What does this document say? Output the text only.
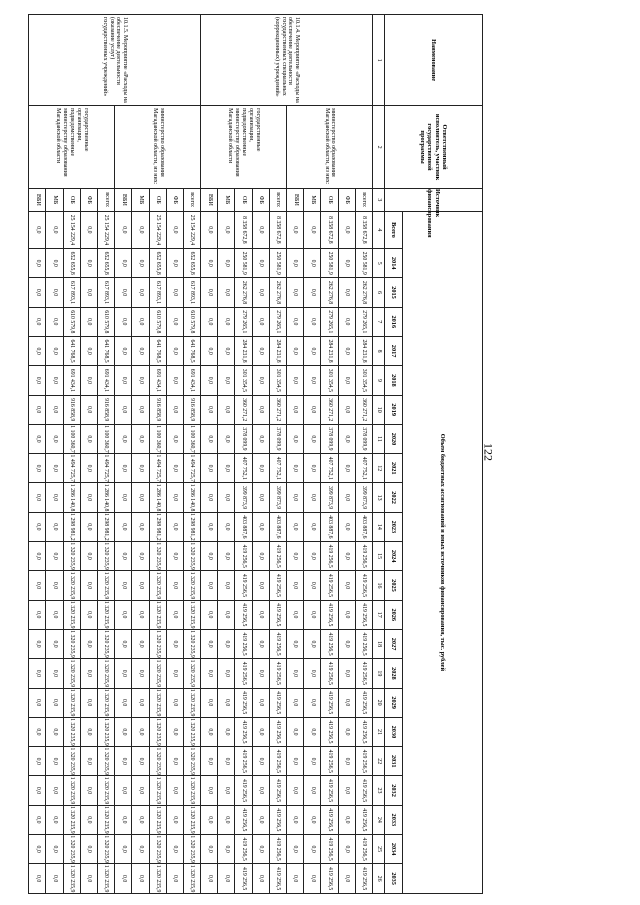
122
Наименование	Ответственный исполнитель, участник государственной программы	Источник финансирования	Объем бюджетных ассигнований и иных источников финансирования, тыс. рублей																						
			Всего	2014	2015	2016	2017	2018	2019	2020	2021	2022	2023	2024	2025	2026	2027	2028	2029	2030	2031	2032	2033	2034	2035
1	2	3	4	5	6	7	8	9	10	11	12	13	14	15	16	17	18	19	20	21	22	23	24	25	26
10.1.4. Мероприятие «Расходы на обеспечение деятельности государственных специальных (коррекционных) учреждений»	министерство образования Магаданской области, из них:	всего:	8 358 672,8	250 581,9	262 276,8	279 265,1	284 231,8	301 354,5	360 271,2	378 099,9	407 752,1	399 873,9	403 887,6	419 256,5	419 256,5	419 256,5	419 256,5	419 256,5	419 256,5	419 256,5	419 256,5	419 256,5	419 256,5	419 256,5	419 256,5
		ФБ	0,0	0,0	0,0	0,0	0,0	0,0	0,0	0,0	0,0	0,0	0,0	0,0	0,0	0,0	0,0	0,0	0,0	0,0	0,0	0,0	0,0	0,0	0,0
		ОБ	8 358 672,8	250 581,9	262 276,8	279 265,1	284 231,8	301 354,5	360 271,2	378 099,9	407 752,1	399 873,9	403 887,6	419 256,5	419 256,5	419 256,5	419 256,5	419 256,5	419 256,5	419 256,5	419 256,5	419 256,5	419 256,5	419 256,5	419 256,5
		МБ	0,0	0,0	0,0	0,0	0,0	0,0	0,0	0,0	0,0	0,0	0,0	0,0	0,0	0,0	0,0	0,0	0,0	0,0	0,0	0,0	0,0	0,0	0,0
		ВБИ	0,0	0,0	0,0	0,0	0,0	0,0	0,0	0,0	0,0	0,0	0,0	0,0	0,0	0,0	0,0	0,0	0,0	0,0	0,0	0,0	0,0	0,0	0,0
	государственные организации, подведомственные министерству образования Магаданской области	всего:	8 358 672,8	250 581,9	262 276,8	279 265,1	284 231,8	301 354,5	360 271,2	378 099,9	407 752,1	399 873,9	403 887,6	419 256,5	419 256,5	419 256,5	419 256,5	419 256,5	419 256,5	419 256,5	419 256,5	419 256,5	419 256,5	419 256,5	419 256,5
		ФБ	0,0	0,0	0,0	0,0	0,0	0,0	0,0	0,0	0,0	0,0	0,0	0,0	0,0	0,0	0,0	0,0	0,0	0,0	0,0	0,0	0,0	0,0	0,0
		ОБ	8 358 672,8	250 581,9	262 276,8	279 265,1	284 231,8	301 354,5	360 271,2	378 099,9	407 752,1	399 873,9	403 887,6	419 256,5	419 256,5	419 256,5	419 256,5	419 256,5	419 256,5	419 256,5	419 256,5	419 256,5	419 256,5	419 256,5	419 256,5
		МБ	0,0	0,0	0,0	0,0	0,0	0,0	0,0	0,0	0,0	0,0	0,0	0,0	0,0	0,0	0,0	0,0	0,0	0,0	0,0	0,0	0,0	0,0	0,0
		ВБИ	0,0	0,0	0,0	0,0	0,0	0,0	0,0	0,0	0,0	0,0	0,0	0,0	0,0	0,0	0,0	0,0	0,0	0,0	0,0	0,0	0,0	0,0	0,0
10.1.5. Мероприятие «Расходы на обеспечение деятельности (оказание услуг) государственных учреждений»	министерство образования Магаданской области, из них:	всего:	25 154 229,4	652 655,8	617 893,1	610 579,8	641 768,5	691 434,1	916 858,9	1 100 360,7	1 494 725,7	1 286 140,8	1 298 981,2	1 320 235,9	1 320 235,9	1 320 235,9	1 320 235,9	1 320 235,9	1 320 235,9	1 320 235,9	1 320 235,9	1 320 235,9	1 320 235,9	1 320 235,9	1 320 235,9
		ФБ	0,0	0,0	0,0	0,0	0,0	0,0	0,0	0,0	0,0	0,0	0,0	0,0	0,0	0,0	0,0	0,0	0,0	0,0	0,0	0,0	0,0	0,0	0,0
		ОБ	25 154 229,4	652 655,8	617 893,1	610 579,8	641 768,5	691 434,1	916 858,9	1 100 360,7	1 494 725,7	1 286 140,8	1 298 981,2	1 320 235,9	1 320 235,9	1 320 235,9	1 320 235,9	1 320 235,9	1 320 235,9	1 320 235,9	1 320 235,9	1 320 235,9	1 320 235,9	1 320 235,9	1 320 235,9
		МБ	0,0	0,0	0,0	0,0	0,0	0,0	0,0	0,0	0,0	0,0	0,0	0,0	0,0	0,0	0,0	0,0	0,0	0,0	0,0	0,0	0,0	0,0	0,0
		ВБИ	0,0	0,0	0,0	0,0	0,0	0,0	0,0	0,0	0,0	0,0	0,0	0,0	0,0	0,0	0,0	0,0	0,0	0,0	0,0	0,0	0,0	0,0	0,0
	государственные организации, подведомственные министерству образования Магаданской области	всего:	25 154 229,4	652 655,8	617 893,1	610 579,8	641 768,5	691 434,1	916 858,9	1 100 360,7	1 494 725,7	1 286 140,8	1 298 981,2	1 320 235,9	1 320 235,9	1 320 235,9	1 320 235,9	1 320 235,9	1 320 235,9	1 320 235,9	1 320 235,9	1 320 235,9	1 320 235,9	1 320 235,9	1 320 235,9
		ФБ	0,0	0,0	0,0	0,0	0,0	0,0	0,0	0,0	0,0	0,0	0,0	0,0	0,0	0,0	0,0	0,0	0,0	0,0	0,0	0,0	0,0	0,0	0,0
		ОБ	25 154 229,4	652 655,8	617 893,1	610 579,8	641 768,5	691 434,1	916 858,9	1 100 360,7	1 494 725,7	1 286 140,8	1 298 981,2	1 320 235,9	1 320 235,9	1 320 235,9	1 320 235,9	1 320 235,9	1 320 235,9	1 320 235,9	1 320 235,9	1 320 235,9	1 320 235,9	1 320 235,9	1 320 235,9
		МБ	0,0	0,0	0,0	0,0	0,0	0,0	0,0	0,0	0,0	0,0	0,0	0,0	0,0	0,0	0,0	0,0	0,0	0,0	0,0	0,0	0,0	0,0	0,0
		ВБИ	0,0	0,0	0,0	0,0	0,0	0,0	0,0	0,0	0,0	0,0	0,0	0,0	0,0	0,0	0,0	0,0	0,0	0,0	0,0	0,0	0,0	0,0	0,0
